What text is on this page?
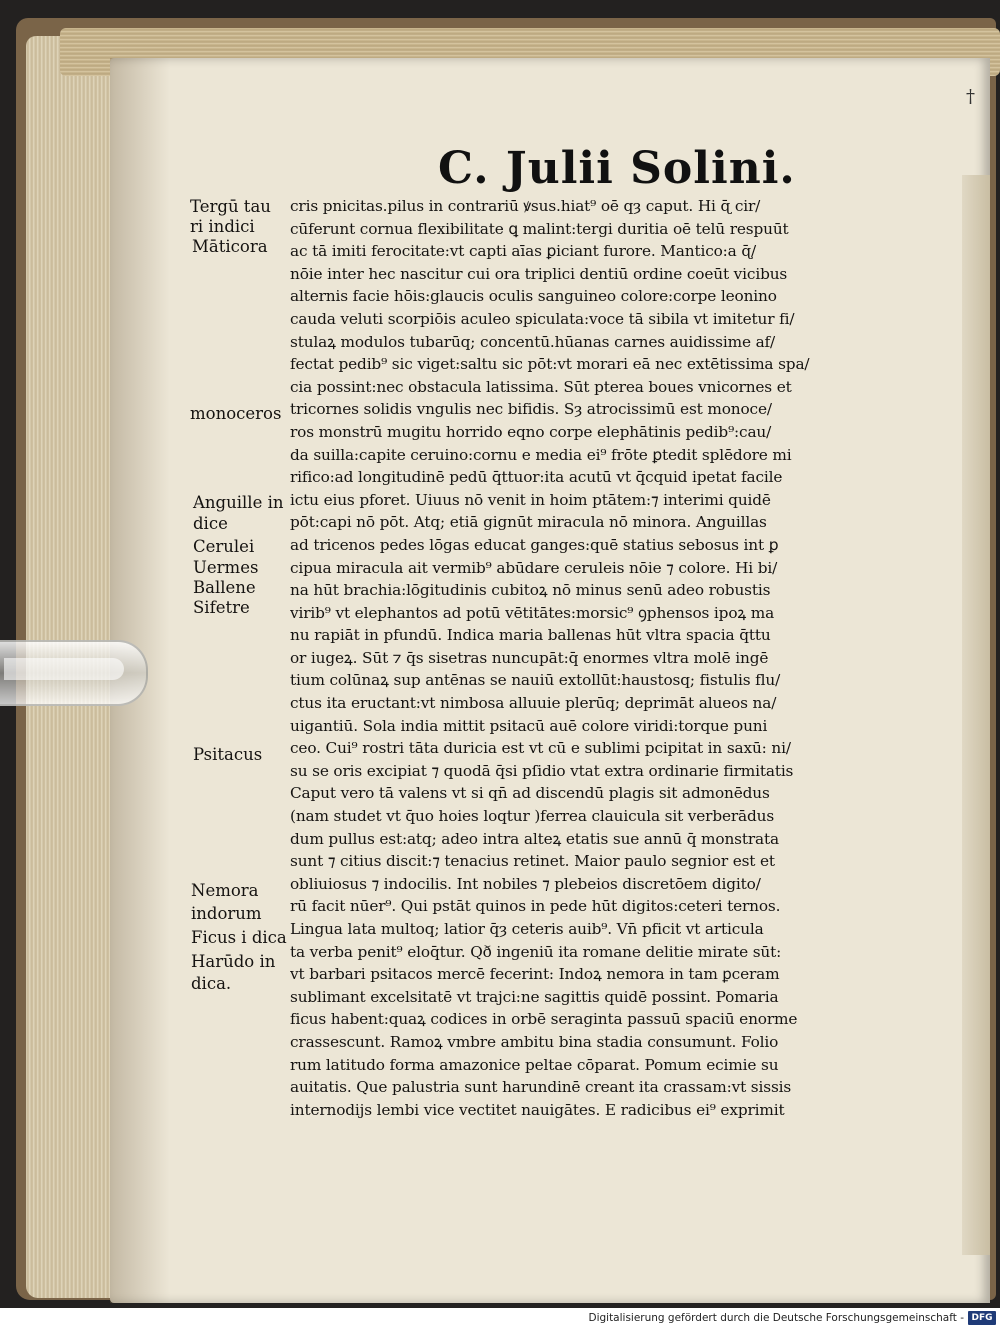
†
C. Julii Solini.
Tergū tau
ri indici
Māticora
monoceros
Anguille in
dice
Cerulei
Uermes
Ballene
Sifetre
Psitacus
Nemora
indorum
Ficus i dica
Harūdo in
dica.
cris pnicitas.pilus in contrariū ꝟsus.hiat⁹ oē qȝ caput. Hi ɋ̄ cir/
cūferunt cornua flexibilitate ꝗ malint:tergi duritia oē telū respuūt
ac tā imiti ferocitate:vt capti aīas ꝑiciant furore. Mantico:a ɋ̄/
nōie inter hec nascitur cui ora triplici dentiū ordine coeūt vicibus
alternis facie hōis:glaucis oculis sanguineo colore:corpe leonino
cauda veluti scorpiōis aculeo spiculata:voce tā sibila vt imitetur fi/
stulaꝝ modulos tubarūq; concentū.hūanas carnes auidissime af/
fectat pedib⁹ sic viget:saltu sic pōt:vt morari eā nec extētissima spa/
cia possint:nec obstacula latissima. Sūt pterea boues vnicornes et
tricornes solidis vngulis nec bifidis. Sȝ atrocissimū est monoce/
ros monstrū mugitu horrido eqno corpe elephātinis pedib⁹:cau/
da suilla:capite ceruino:cornu e media ei⁹ frōte ꝑtedit splēdore mi
rifico:ad longitudinē pedū q̄ttuor:ita acutū vt q̄cquid ipetat facile
ictu eius pforet. Uiuus nō venit in hoim ptātem:⁊ interimi quidē
pōt:capi nō pōt. Atq; etiā gignūt miracula nō minora. Anguillas
ad tricenos pedes lōgas educat ganges:quē statius sebosus int ꝑ
cipua miracula ait vermib⁹ abūdare ceruleis nōie ⁊ colore. Hi bi/
na hūt brachia:lōgitudinis cubitoꝝ nō minus senū adeo robustis
virib⁹ vt elephantos ad potū vētitātes:morsic⁹ ꝯphensos ipoꝝ ma
nu rapiāt in pfundū. Indica maria ballenas hūt vltra spacia q̄ttu
or iugeꝝ. Sūt ⁊ q̄s sisetras nuncupāt:q̄ enormes vltra molē ingē
tium colūnaꝝ sup antēnas se nauiū extollūt:haustosq; fistulis flu/
ctus ita eructant:vt nimbosa alluuie plerūq; deprimāt alueos na/
uigantiū. Sola india mittit psitacū auē colore viridi:torque puni
ceo. Cui⁹ rostri tāta duricia est vt cū e sublimi pcipitat in saxū: ni/
su se oris excipiat ⁊ quodā q̄si pſidio vtat extra ordinarie firmitatis
Caput vero tā valens vt si qn̄ ad discendū plagis sit admonēdus
(nam studet vt q̄uo hoies loqtur )ferrea clauicula sit verberādus
dum pullus est:atq; adeo intra alteꝝ etatis sue annū q̄ monstrata
sunt ⁊ citius discit:⁊ tenacius retinet. Maior paulo segnior est et
obliuiosus ⁊ indocilis. Int nobiles ⁊ plebeios discretōem digito/
rū facit nūer⁹. Qui pstāt quinos in pede hūt digitos:ceteri ternos.
Lingua lata multoq; latior q̄ȝ ceteris auib⁹. Vn̄ pficit vt articula
ta verba penit⁹ eloq̄tur. Qð ingeniū ita romane delitie mirate sūt:
vt barbari psitacos mercē fecerint: Indoꝝ nemora in tam ꝑceram
sublimant excelsitatē vt trajci:ne sagittis quidē possint. Pomaria
ficus habent:quaꝝ codices in orbē seraginta passuū spaciū enorme
crassescunt. Ramoꝝ vmbre ambitu bina stadia consumunt. Folio
rum latitudo forma amazonice peltae cōparat. Pomum ecimie su
auitatis. Que palustria sunt harundinē creant ita crassam:vt sissis
internodijs lembi vice vectitet nauigātes. E radicibus ei⁹ exprimit
Digitalisierung gefördert durch die Deutsche Forschungsgemeinschaft - DFG
